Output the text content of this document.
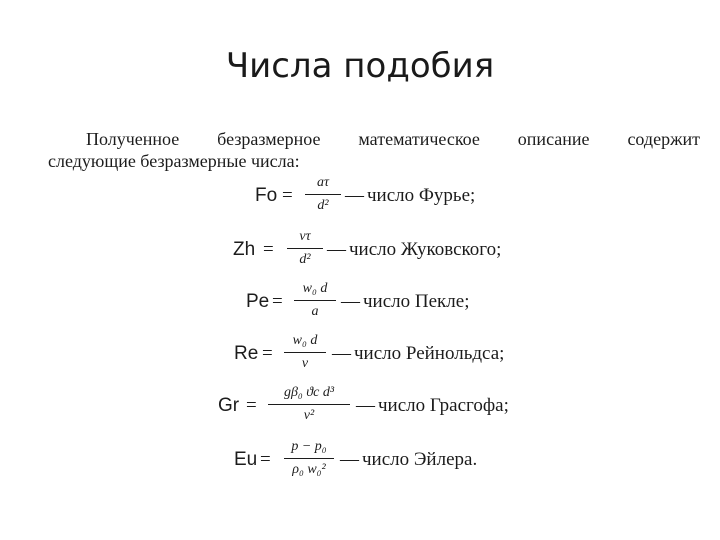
Числа подобия
Полученное безразмерное математическое описание содержит
следующие безразмерные числа:
Fo =
aτ
d² — число Фурье;
Zh =
ντ
d² — число Жуковского;
Pe =
w₀ d
a	— число Пекле;
Re =
w₀ d
ν	— число Рейнольдса;
Gr =
gβ₀ ϑc d³
ν²	— число Грасгофа;
Eu =
p − p₀
ρ₀ w₀² — число Эйлера.
